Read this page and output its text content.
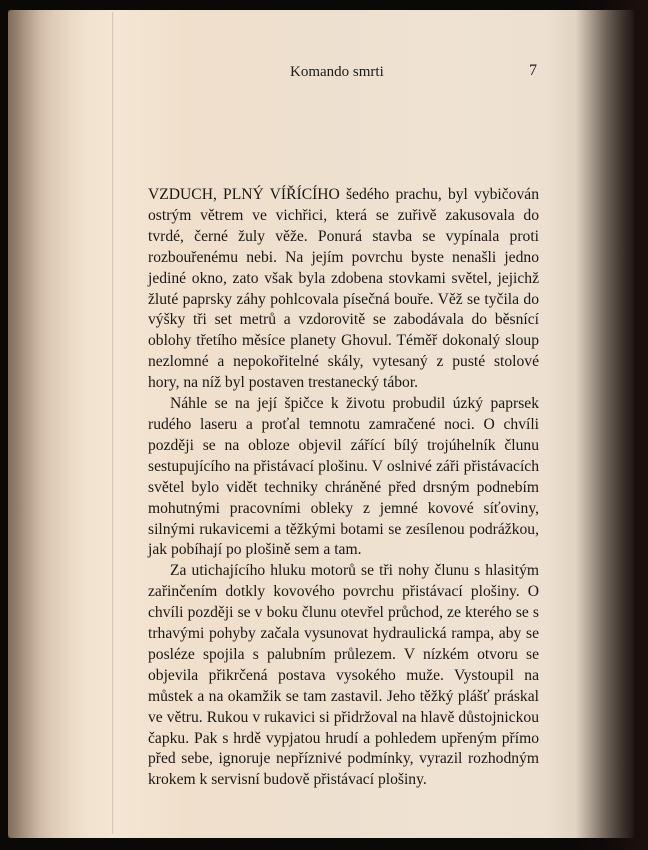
Komando smrti	7

VZDUCH, PLNÝ VÍŘÍCÍHO šedého prachu, byl vybičován ostrým větrem ve vichřici, která se zuřivě zakusovala do tvrdé, černé žuly věže. Ponurá stavba se vypínala proti rozbouřenému nebi. Na jejím povrchu byste nenašli jedno jediné okno, zato však byla zdobena stovkami světel, jejichž žluté paprsky záhy pohlcovala písečná bouře. Věž se tyčila do výšky tři set metrů a vzdorovitě se zabodávala do běsnící oblohy třetího měsíce planety Ghovul. Téměř dokonalý sloup nezlomné a nepokořitelné skály, vytesaný z pusté stolové hory, na níž byl postaven trestanecký tábor.

Náhle se na její špičce k životu probudil úzký paprsek rudého laseru a proťal temnotu zamračené noci. O chvíli později se na obloze objevil zářící bílý trojúhelník člunu sestupujícího na přistávací plošinu. V oslnivé záři přistávacích světel bylo vidět techniky chráněné před drsným podnebím mohutnými pracovními obleky z jemné kovové síťoviny, silnými rukavicemi a těžkými botami se zesílenou podrážkou, jak pobíhají po plošině sem a tam.

Za utichajícího hluku motorů se tři nohy člunu s hlasitým zařinčením dotkly kovového povrchu přistávací plošiny. O chvíli později se v boku člunu otevřel průchod, ze kterého se s trhavými pohyby začala vysunovat hydraulická rampa, aby se posléze spojila s palubním průlezem. V nízkém otvoru se objevila přikrčená postava vysokého muže. Vystoupil na můstek a na okamžik se tam zastavil. Jeho těžký plášť práskal ve větru. Rukou v rukavici si přidržoval na hlavě důstojnickou čapku. Pak s hrdě vypjatou hrudí a pohledem upřeným přímo před sebe, ignoruje nepříznivé podmínky, vyrazil rozhodným krokem k servisní budově přistávací plošiny.
